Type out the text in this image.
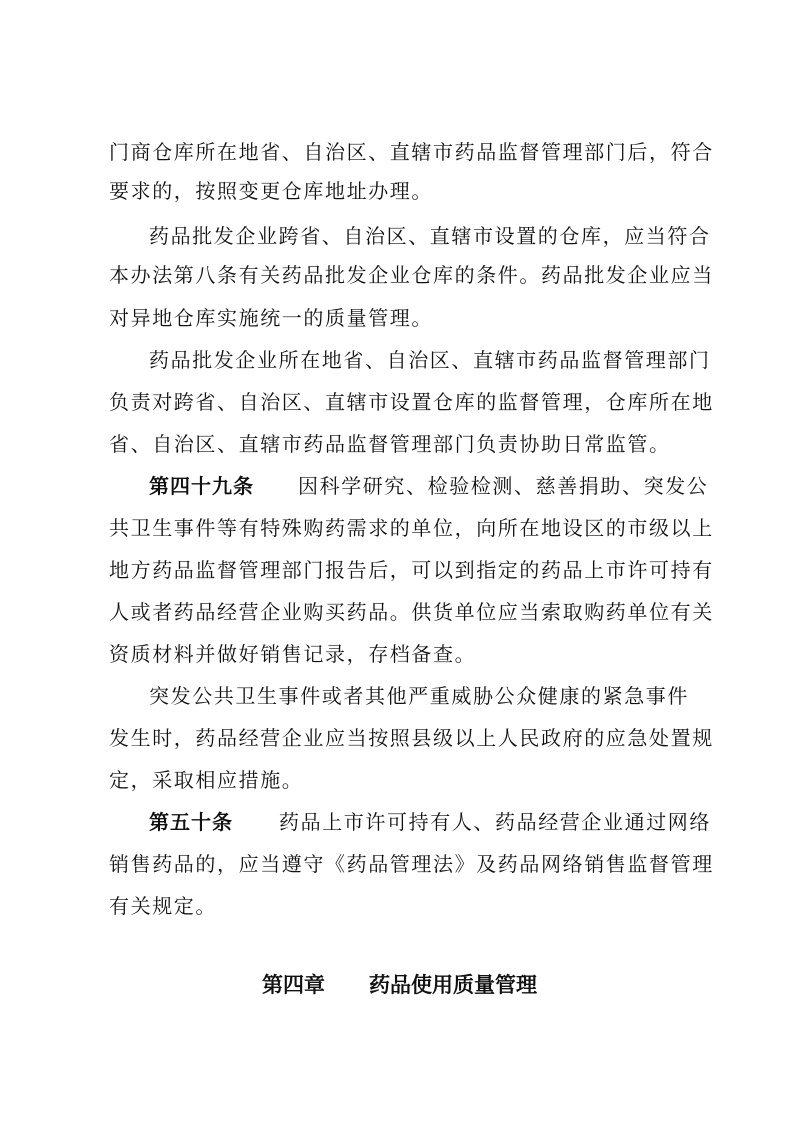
门商仓库所在地省、自治区、直辖市药品监督管理部门后，符合
要求的，按照变更仓库地址办理。
药品批发企业跨省、自治区、直辖市设置的仓库，应当符合
本办法第八条有关药品批发企业仓库的条件。药品批发企业应当
对异地仓库实施统一的质量管理。
药品批发企业所在地省、自治区、直辖市药品监督管理部门
负责对跨省、自治区、直辖市设置仓库的监督管理，仓库所在地
省、自治区、直辖市药品监督管理部门负责协助日常监管。
第四十九条 因科学研究、检验检测、慈善捐助、突发公
共卫生事件等有特殊购药需求的单位，向所在地设区的市级以上
地方药品监督管理部门报告后，可以到指定的药品上市许可持有
人或者药品经营企业购买药品。供货单位应当索取购药单位有关
资质材料并做好销售记录，存档备查。
突发公共卫生事件或者其他严重威胁公众健康的紧急事件
发生时，药品经营企业应当按照县级以上人民政府的应急处置规
定，采取相应措施。
第五十条 药品上市许可持有人、药品经营企业通过网络
销售药品的，应当遵守《药品管理法》及药品网络销售监督管理
有关规定。
第四章 药品使用质量管理
